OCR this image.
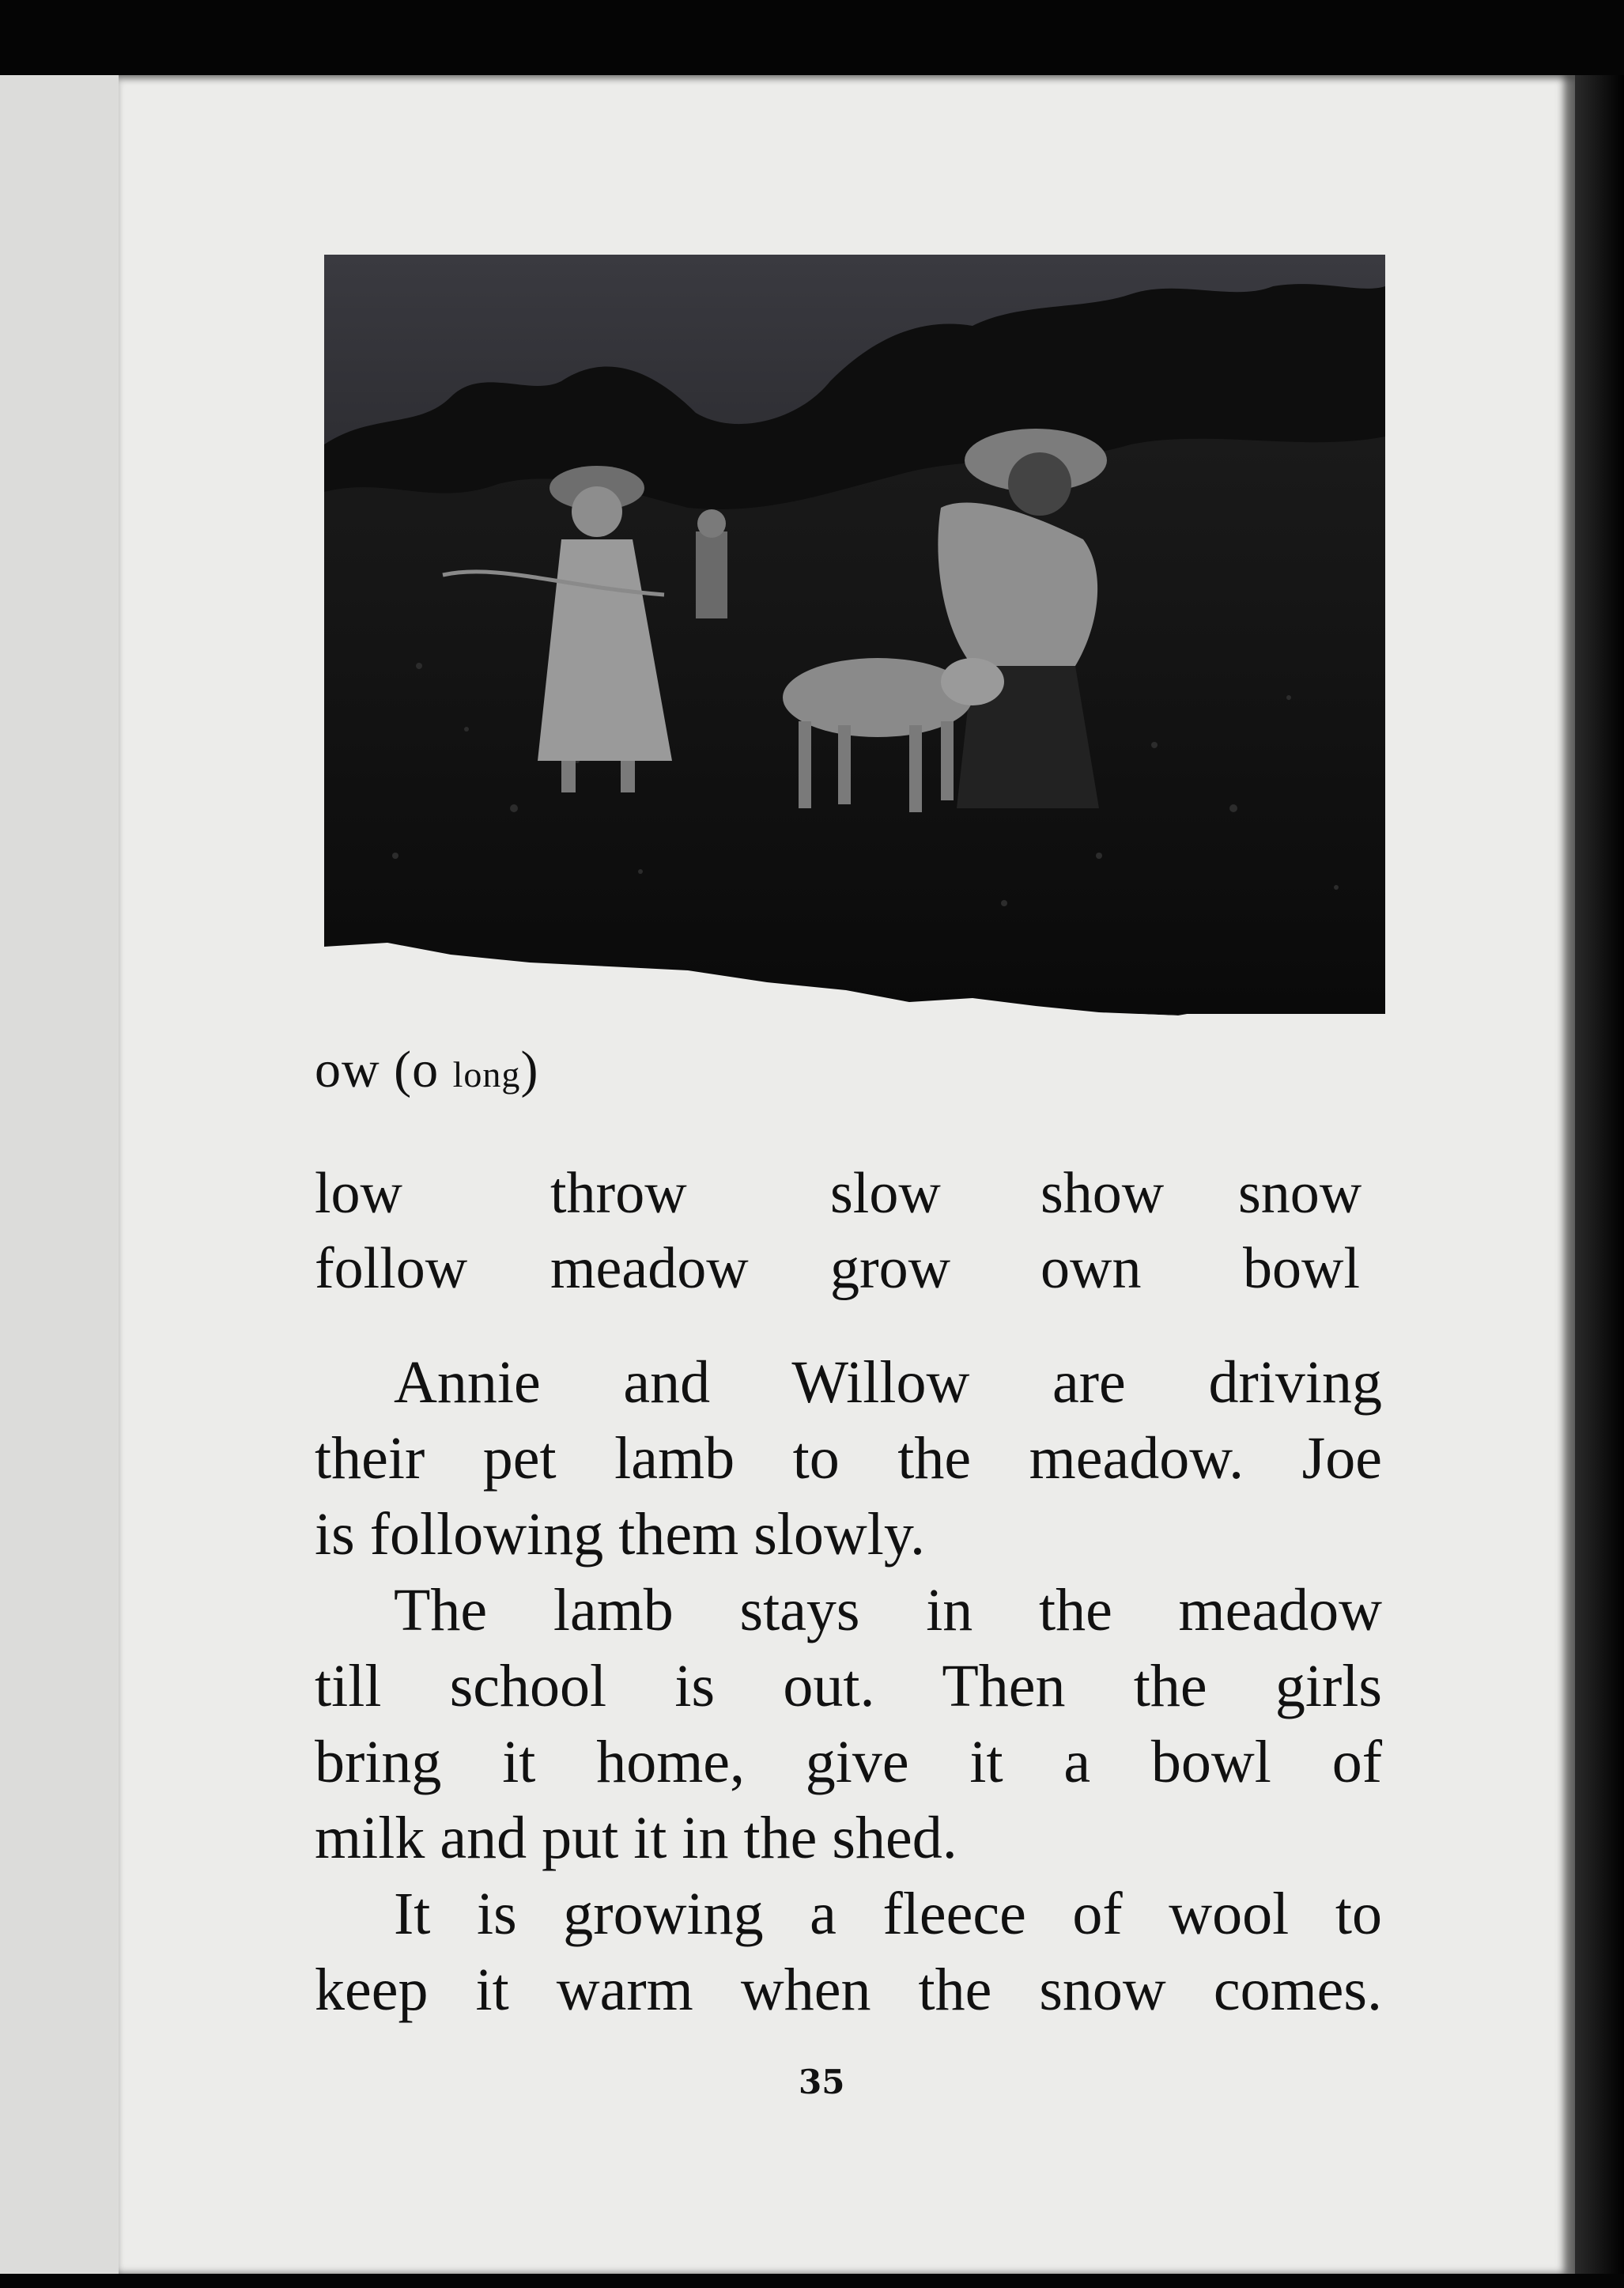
ow (o long)
low	throw slow show snow
follow meadow grow own bowl

Annie and Willow are driving
their pet lamb to the meadow. Joe
is following them slowly.

The lamb stays in the meadow
till school is out. Then the girls
bring it home, give it a bowl of
milk and put it in the shed.

It is growing a fleece of wool to
keep it warm when the snow comes.

35
